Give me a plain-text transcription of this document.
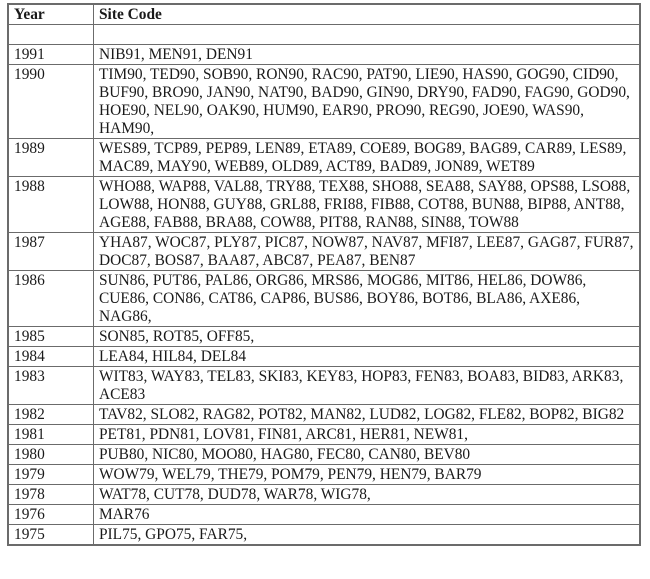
Year	Site Code

1991	NIB91, MEN91, DEN91
1990	TIM90, TED90, SOB90, RON90, RAC90, PAT90, LIE90, HAS90, GOG90, CID90, BUF90, BRO90, JAN90, NAT90, BAD90, GIN90, DRY90, FAD90, FAG90, GOD90, HOE90, NEL90, OAK90, HUM90, EAR90, PRO90, REG90, JOE90, WAS90, HAM90,
1989	WES89, TCP89, PEP89, LEN89, ETA89, COE89, BOG89, BAG89, CAR89, LES89, MAC89, MAY90, WEB89, OLD89, ACT89, BAD89, JON89, WET89
1988	WHO88, WAP88, VAL88, TRY88, TEX88, SHO88, SEA88, SAY88, OPS88, LSO88, LOW88, HON88, GUY88, GRL88, FRI88, FIB88, COT88, BUN88, BIP88, ANT88, AGE88, FAB88, BRA88, COW88, PIT88, RAN88, SIN88, TOW88
1987	YHA87, WOC87, PLY87, PIC87, NOW87, NAV87, MFI87, LEE87, GAG87, FUR87, DOC87, BOS87, BAA87, ABC87, PEA87, BEN87
1986	SUN86, PUT86, PAL86, ORG86, MRS86, MOG86, MIT86, HEL86, DOW86, CUE86, CON86, CAT86, CAP86, BUS86, BOY86, BOT86, BLA86, AXE86, NAG86,
1985	SON85, ROT85, OFF85,
1984	LEA84, HIL84, DEL84
1983	WIT83, WAY83, TEL83, SKI83, KEY83, HOP83, FEN83, BOA83, BID83, ARK83, ACE83
1982	TAV82, SLO82, RAG82, POT82, MAN82, LUD82, LOG82, FLE82, BOP82, BIG82
1981	PET81, PDN81, LOV81, FIN81, ARC81, HER81, NEW81,
1980	PUB80, NIC80, MOO80, HAG80, FEC80, CAN80, BEV80
1979	WOW79, WEL79, THE79, POM79, PEN79, HEN79, BAR79
1978	WAT78, CUT78, DUD78, WAR78, WIG78,
1976	MAR76
1975	PIL75, GPO75, FAR75,
